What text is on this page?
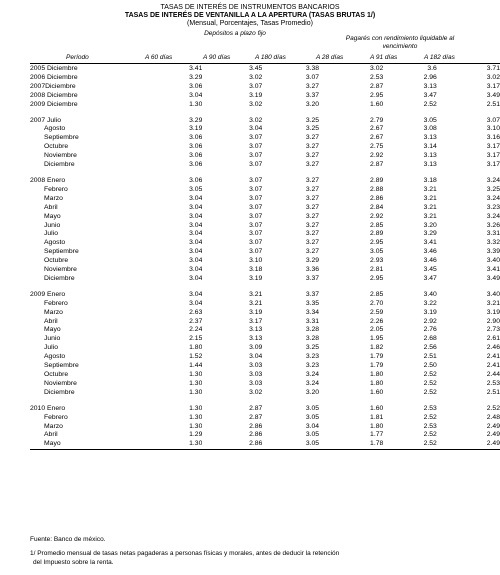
TASAS DE INTERÉS DE INSTRUMENTOS BANCARIOS
TASAS DE INTERÉS DE VENTANILLA A LA APERTURA (TASAS BRUTAS 1/)
(Mensual, Porcentajes, Tasas Promedio)
Depósitos a plazo fijo
Pagarés con rendimiento liquidable al
vencimiento
Período	A 60 días	A 90 días	A 180 días	A 28 días	A 91 días	A 182 días
2005 Diciembre	3.41	3.45	3.38	3.02	3.6	3.71
2006 Diciembre	3.29	3.02	3.07	2.53	2.96	3.02
2007Diciembre	3.06	3.07	3.27	2.87	3.13	3.17
2008 Diciembre	3.04	3.19	3.37	2.95	3.47	3.49
2009 Diciembre	1.30	3.02	3.20	1.60	2.52	2.51

2007 Julio	3.29	3.02	3.25	2.79	3.05	3.07
Agosto	3.19	3.04	3.25	2.67	3.08	3.10
Septiembre	3.06	3.07	3.27	2.67	3.13	3.16
Octubre	3.06	3.07	3.27	2.75	3.14	3.17
Noviembre	3.06	3.07	3.27	2.92	3.13	3.17
Diciembre	3.06	3.07	3.27	2.87	3.13	3.17

2008 Enero	3.06	3.07	3.27	2.89	3.18	3.24
Febrero	3.05	3.07	3.27	2.88	3.21	3.25
Marzo	3.04	3.07	3.27	2.86	3.21	3.24
Abril	3.04	3.07	3.27	2.84	3.21	3.23
Mayo	3.04	3.07	3.27	2.92	3.21	3.24
Junio	3.04	3.07	3.27	2.85	3.20	3.26
Julio	3.04	3.07	3.27	2.89	3.29	3.31
Agosto	3.04	3.07	3.27	2.95	3.41	3.32
Septiembre	3.04	3.07	3.27	3.05	3.46	3.39
Octubre	3.04	3.10	3.29	2.93	3.46	3.40
Noviembre	3.04	3.18	3.36	2.81	3.45	3.41
Diciembre	3.04	3.19	3.37	2.95	3.47	3.49

2009 Enero	3.04	3.21	3.37	2.85	3.40	3.40
Febrero	3.04	3.21	3.35	2.70	3.22	3.21
Marzo	2.63	3.19	3.34	2.59	3.19	3.19
Abril	2.37	3.17	3.31	2.26	2.92	2.90
Mayo	2.24	3.13	3.28	2.05	2.76	2.73
Junio	2.15	3.13	3.28	1.95	2.68	2.61
Julio	1.80	3.09	3.25	1.82	2.56	2.46
Agosto	1.52	3.04	3.23	1.79	2.51	2.41
Septiembre	1.44	3.03	3.23	1.79	2.50	2.41
Octubre	1.30	3.03	3.24	1.80	2.52	2.44
Noviembre	1.30	3.03	3.24	1.80	2.52	2.53
Diciembre	1.30	3.02	3.20	1.60	2.52	2.51

2010 Enero	1.30	2.87	3.05	1.60	2.53	2.52
Febrero	1.30	2.87	3.05	1.81	2.52	2.48
Marzo	1.30	2.86	3.04	1.80	2.53	2.49
Abril	1.29	2.86	3.05	1.77	2.52	2.49
Mayo	1.30	2.86	3.05	1.78	2.52	2.49
Fuente: Banco de méxico.
1/ Promedio mensual de tasas netas pagaderas a personas físicas y morales, antes de deducir la retención
del Impuesto sobre la renta.
